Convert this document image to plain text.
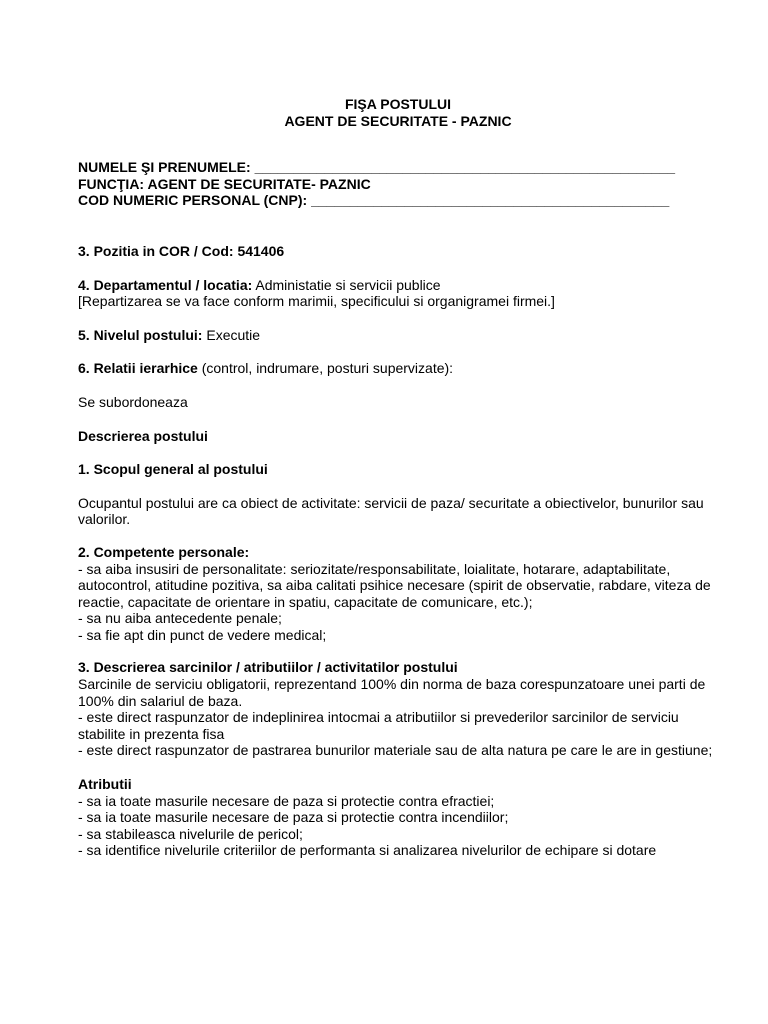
FIŞA POSTULUI

AGENT DE SECURITATE - PAZNIC

NUMELE ŞI PRENUMELE: ______________________________________________________

FUNCŢIA: AGENT DE SECURITATE- PAZNIC

COD NUMERIC PERSONAL (CNP): ______________________________________________

3. Pozitia in COR / Cod: 541406

4. Departamentul / locatia: Administatie si servicii publice

[Repartizarea se va face conform marimii, specificului si organigramei firmei.]

5. Nivelul postului: Executie

6. Relatii ierarhice (control, indrumare, posturi supervizate):

Se subordoneaza

Descrierea postului

1. Scopul general al postului

Ocupantul postului are ca obiect de activitate: servicii de paza/ securitate a obiectivelor, bunurilor sau valorilor.

2. Competente personale:

- sa aiba insusiri de personalitate: seriozitate/responsabilitate, loialitate, hotarare, adaptabilitate, autocontrol, atitudine pozitiva, sa aiba calitati psihice necesare (spirit de observatie, rabdare, viteza de reactie, capacitate de orientare in spatiu, capacitate de comunicare, etc.);
- sa nu aiba antecedente penale;
- sa fie apt din punct de vedere medical;

3. Descrierea sarcinilor / atributiilor / activitatilor postului

Sarcinile de serviciu obligatorii, reprezentand 100% din norma de baza corespunzatoare unei parti de 100% din salariul de baza.
- este direct raspunzator de indeplinirea intocmai a atributiilor si prevederilor sarcinilor de serviciu stabilite in prezenta fisa
- este direct raspunzator de pastrarea bunurilor materiale sau de alta natura pe care le are in gestiune;

Atributii

- sa ia toate masurile necesare de paza si protectie contra efractiei;
- sa ia toate masurile necesare de paza si protectie contra incendiilor;
- sa stabileasca nivelurile de pericol;
- sa identifice nivelurile criteriilor de performanta si analizarea nivelurilor de echipare si dotare
